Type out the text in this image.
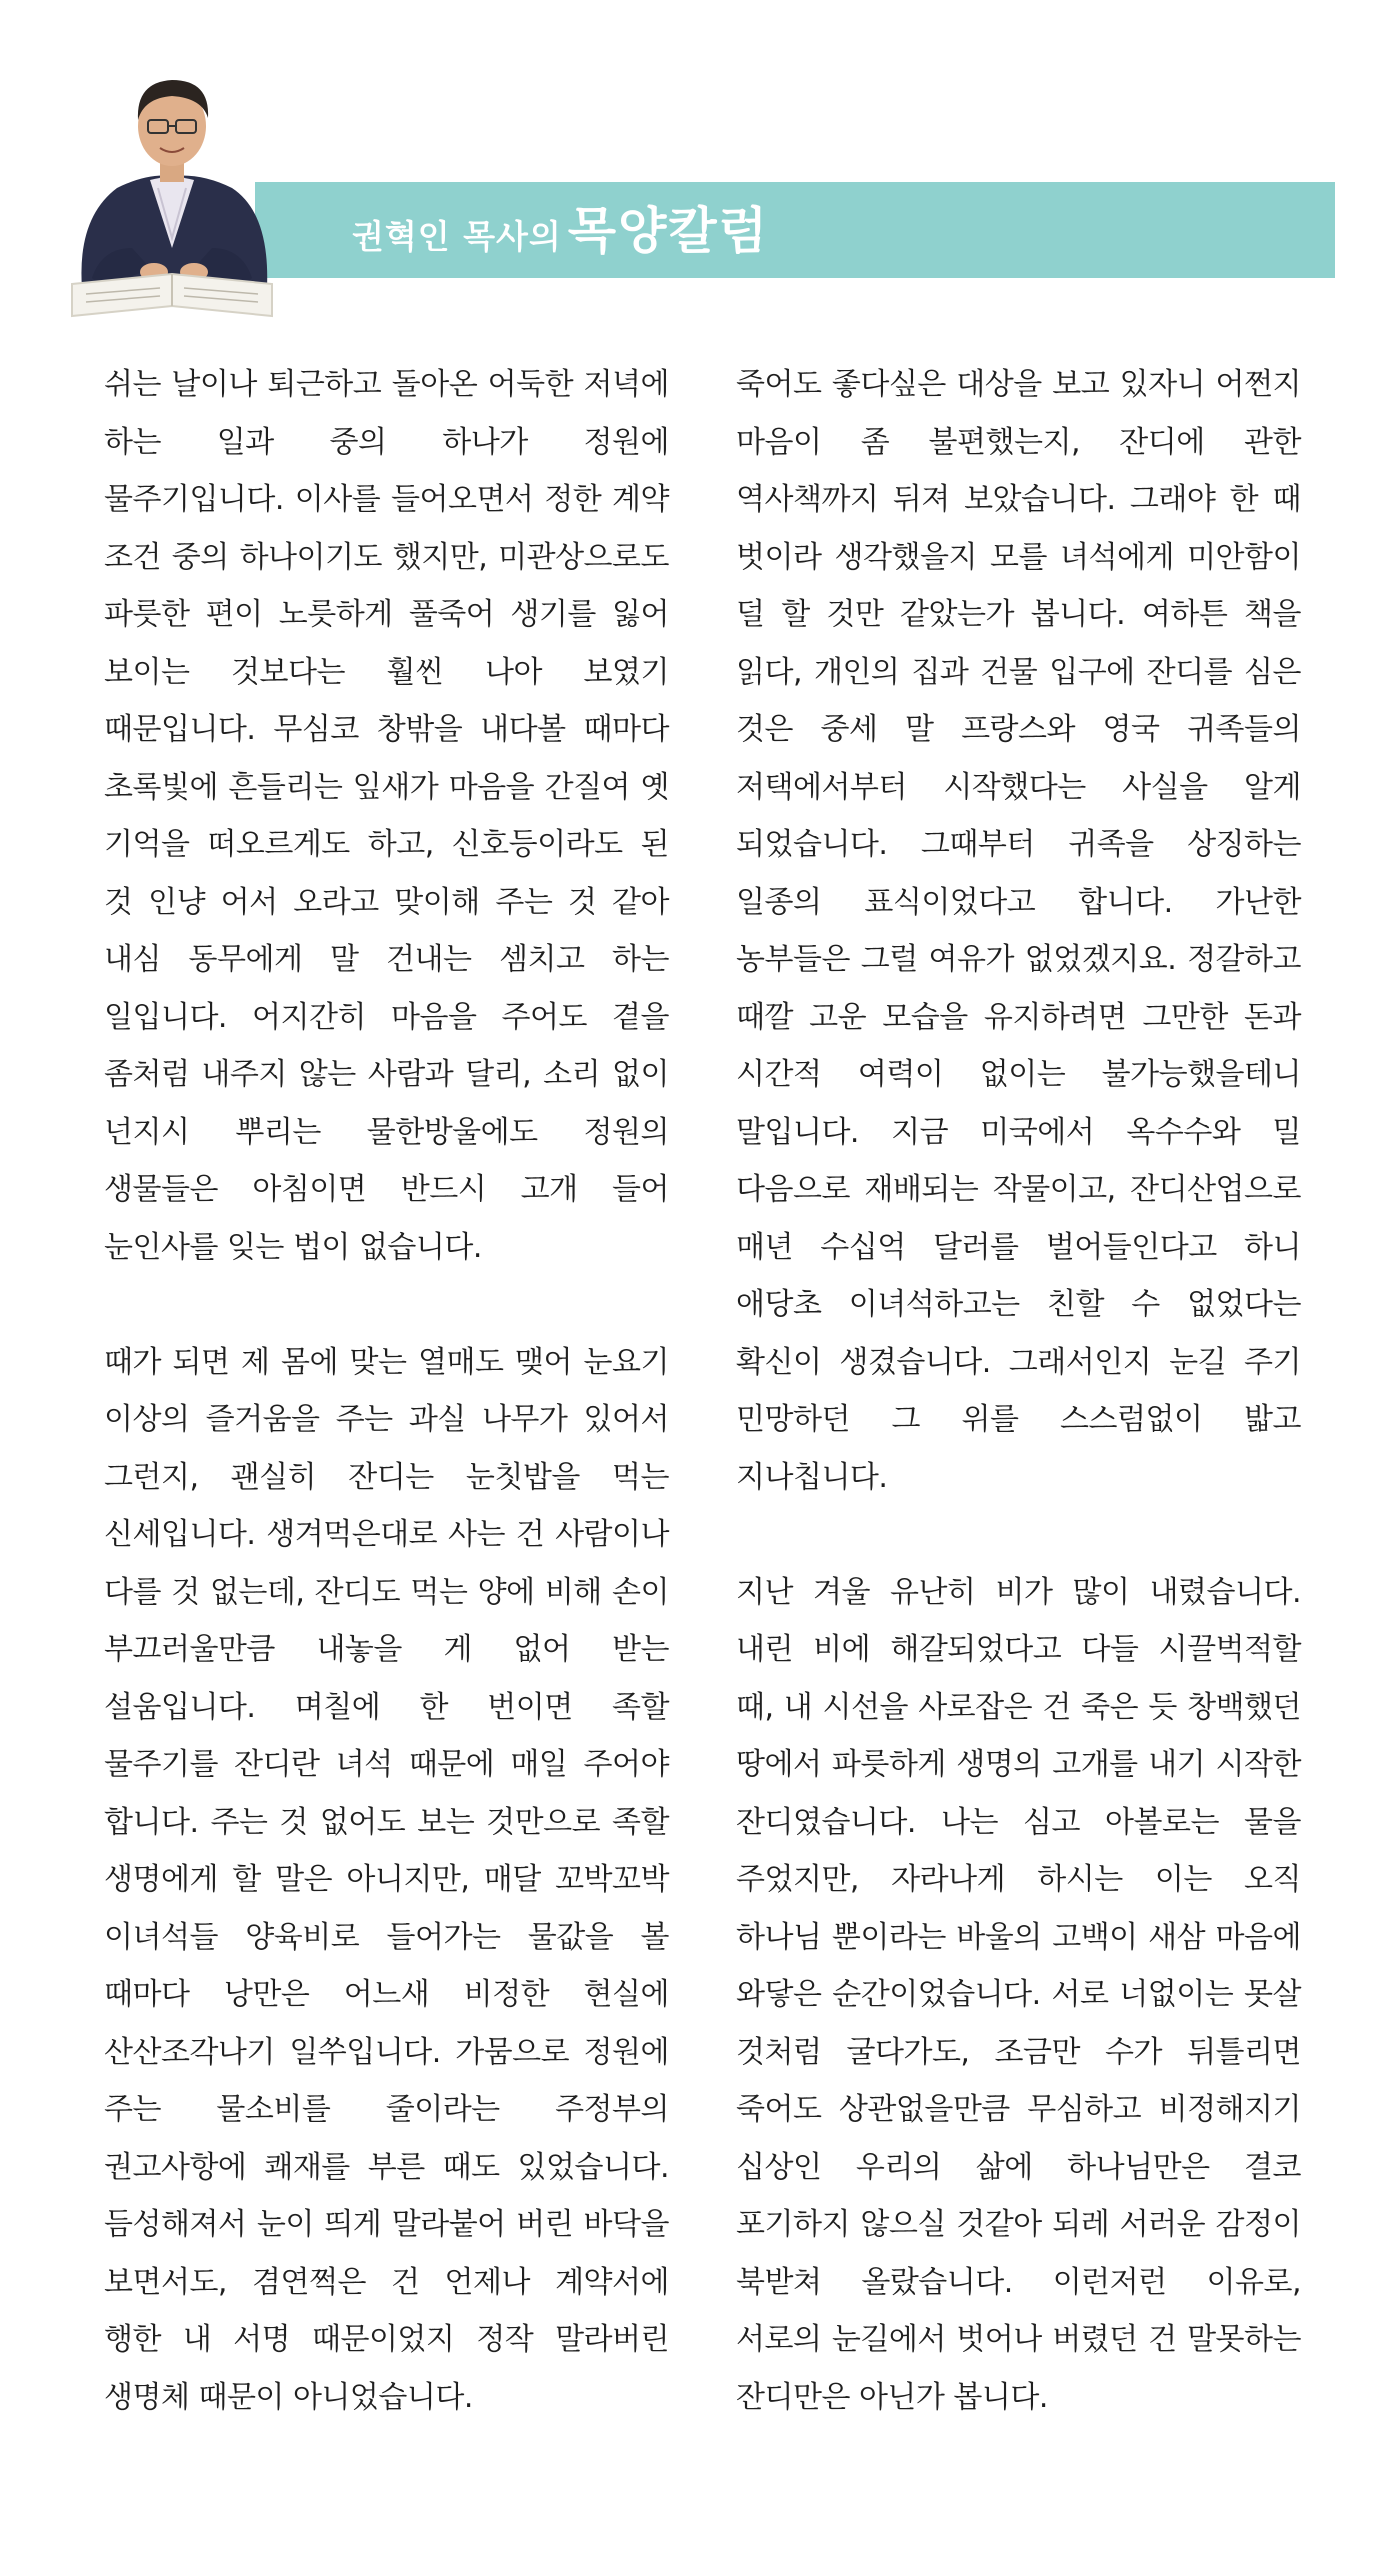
권혁인 목사의 목양칼럼

쉬는 날이나 퇴근하고 돌아온 어둑한 저녁에 하는 일과 중의 하나가 정원에 물주기입니다. 이사를 들어오면서 정한 계약 조건 중의 하나이기도 했지만, 미관상으로도 파릇한 편이 노릇하게 풀죽어 생기를 잃어 보이는 것보다는 훨씬 나아 보였기 때문입니다. 무심코 창밖을 내다볼 때마다 초록빛에 흔들리는 잎새가 마음을 간질여 옛 기억을 떠오르게도 하고, 신호등이라도 된 것 인냥 어서 오라고 맞이해 주는 것 같아 내심 동무에게 말 건내는 셈치고 하는 일입니다. 어지간히 마음을 주어도 곁을 좀처럼 내주지 않는 사람과 달리, 소리 없이 넌지시 뿌리는 물한방울에도 정원의 생물들은 아침이면 반드시 고개 들어 눈인사를 잊는 법이 없습니다.

때가 되면 제 몸에 맞는 열매도 맺어 눈요기 이상의 즐거움을 주는 과실 나무가 있어서 그런지, 괜실히 잔디는 눈칫밥을 먹는 신세입니다. 생겨먹은대로 사는 건 사람이나 다를 것 없는데, 잔디도 먹는 양에 비해 손이 부끄러울만큼 내놓을 게 없어 받는 설움입니다. 며칠에 한 번이면 족할 물주기를 잔디란 녀석 때문에 매일 주어야 합니다. 주는 것 없어도 보는 것만으로 족할 생명에게 할 말은 아니지만, 매달 꼬박꼬박 이녀석들 양육비로 들어가는 물값을 볼 때마다 낭만은 어느새 비정한 현실에 산산조각나기 일쑤입니다. 가뭄으로 정원에 주는 물소비를 줄이라는 주정부의 권고사항에 쾌재를 부른 때도 있었습니다. 듬성해져서 눈이 띄게 말라붙어 버린 바닥을 보면서도, 겸연쩍은 건 언제나 계약서에 행한 내 서명 때문이었지 정작 말라버린 생명체 때문이 아니었습니다.

죽어도 좋다싶은 대상을 보고 있자니 어쩐지 마음이 좀 불편했는지, 잔디에 관한 역사책까지 뒤져 보았습니다. 그래야 한 때 벗이라 생각했을지 모를 녀석에게 미안함이 덜 할 것만 같았는가 봅니다. 여하튼 책을 읽다, 개인의 집과 건물 입구에 잔디를 심은 것은 중세 말 프랑스와 영국 귀족들의 저택에서부터 시작했다는 사실을 알게 되었습니다. 그때부터 귀족을 상징하는 일종의 표식이었다고 합니다. 가난한 농부들은 그럴 여유가 없었겠지요. 정갈하고 때깔 고운 모습을 유지하려면 그만한 돈과 시간적 여력이 없이는 불가능했을테니 말입니다. 지금 미국에서 옥수수와 밀 다음으로 재배되는 작물이고, 잔디산업으로 매년 수십억 달러를 벌어들인다고 하니 애당초 이녀석하고는 친할 수 없었다는 확신이 생겼습니다. 그래서인지 눈길 주기 민망하던 그 위를 스스럼없이 밟고 지나칩니다.

지난 겨울 유난히 비가 많이 내렸습니다. 내린 비에 해갈되었다고 다들 시끌벅적할 때, 내 시선을 사로잡은 건 죽은 듯 창백했던 땅에서 파릇하게 생명의 고개를 내기 시작한 잔디였습니다. 나는 심고 아볼로는 물을 주었지만, 자라나게 하시는 이는 오직 하나님 뿐이라는 바울의 고백이 새삼 마음에 와닿은 순간이었습니다. 서로 너없이는 못살 것처럼 굴다가도, 조금만 수가 뒤틀리면 죽어도 상관없을만큼 무심하고 비정해지기 십상인 우리의 삶에 하나님만은 결코 포기하지 않으실 것같아 되레 서러운 감정이 북받쳐 올랐습니다. 이런저런 이유로, 서로의 눈길에서 벗어나 버렸던 건 말못하는 잔디만은 아닌가 봅니다.
